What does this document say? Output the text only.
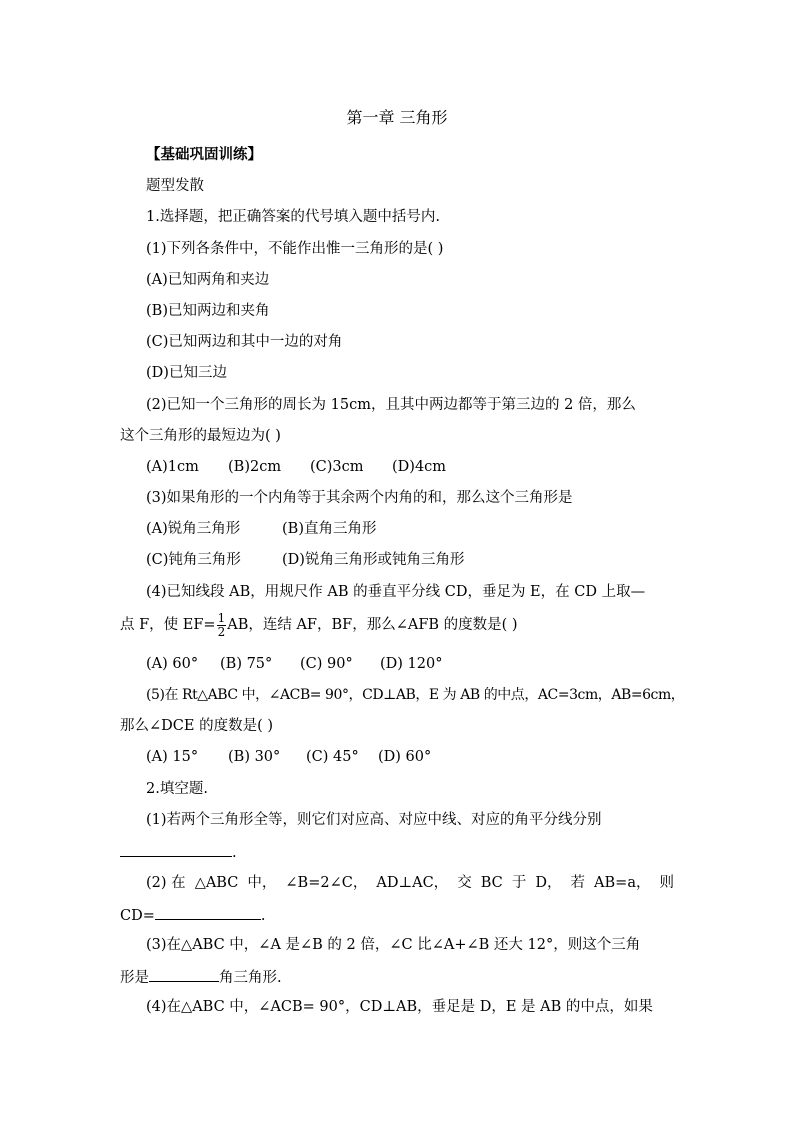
第一章 三角形
【基础巩固训练】
题型发散
1.选择题，把正确答案的代号填入题中括号内.
(1)下列各条件中，不能作出惟一三角形的是( )
(A)已知两角和夹边
(B)已知两边和夹角
(C)已知两边和其中一边的对角
(D)已知三边
(2)已知一个三角形的周长为 15cm，且其中两边都等于第三边的 2 倍，那么
这个三角形的最短边为( )
(A)1cm (B)2cm (C)3cm (D)4cm
(3)如果角形的一个内角等于其余两个内角的和，那么这个三角形是
(A)锐角三角形	(B)直角三角形
(C)钝角三角形	(D)锐角三角形或钝角三角形
(4)已知线段 AB，用规尺作 AB 的垂直平分线 CD，垂足为 E，在 CD 上取—
点 F，使 $EF= \frac{1}{2}$ AB，连结 AF，BF，那么∠AFB 的度数是( )
(A) 60° (B) 75° (C) 90° (D) 120°
(5)在 Rt△ABC 中，∠ACB= 90°，CD⊥AB，E 为 AB 的中点，AC=3cm，AB=6cm，
那么∠DCE 的度数是( )
(A) 15° (B) 30° (C) 45° (D) 60°
2.填空题.
(1)若两个三角形全等，则它们对应高、对应中线、对应的角平分线分别
.
(2) 在 △ABC 中， ∠B=2∠C， AD⊥AC， 交 BC 于 D， 若 AB=a， 则
CD=	.
(3)在△ABC 中，∠A 是∠B 的 2 倍，∠C 比∠A+∠B 还大 12°，则这个三角
形是	角三角形.
(4)在△ABC 中，∠ACB= 90°，CD⊥AB，垂足是 D，E 是 AB 的中点，如果
